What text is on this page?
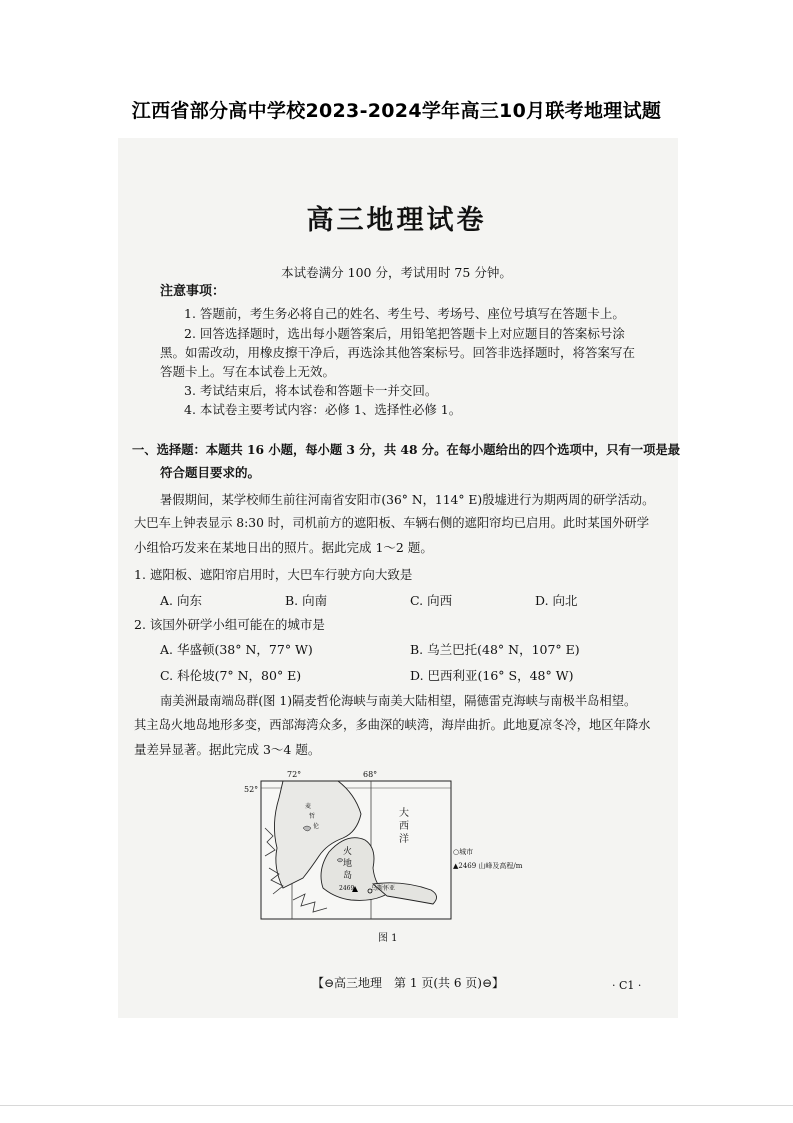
江西省部分高中学校2023-2024学年高三10月联考地理试题
高三地理试卷
本试卷满分 100 分，考试用时 75 分钟。
注意事项：
1. 答题前，考生务必将自己的姓名、考生号、考场号、座位号填写在答题卡上。
2. 回答选择题时，选出每小题答案后，用铅笔把答题卡上对应题目的答案标号涂
黑。如需改动，用橡皮擦干净后，再选涂其他答案标号。回答非选择题时，将答案写在
答题卡上。写在本试卷上无效。
3. 考试结束后，将本试卷和答题卡一并交回。
4. 本试卷主要考试内容：必修 1、选择性必修 1。
一、选择题：本题共 16 小题，每小题 3 分，共 48 分。在每小题给出的四个选项中，只有一项是最
符合题目要求的。
暑假期间，某学校师生前往河南省安阳市(36° N，114° E)殷墟进行为期两周的研学活动。
大巴车上钟表显示 8:30 时，司机前方的遮阳板、车辆右侧的遮阳帘均已启用。此时某国外研学
小组恰巧发来在某地日出的照片。据此完成 1～2 题。
1. 遮阳板、遮阳帘启用时，大巴车行驶方向大致是
A. 向东	B. 向南	C. 向西	D. 向北
2. 该国外研学小组可能在的城市是
A. 华盛顿(38° N，77° W)	B. 乌兰巴托(48° N，107° E)
C. 科伦坡(7° N，80° E)	D. 巴西利亚(16° S，48° W)
南美洲最南端岛群(图 1)隔麦哲伦海峡与南美大陆相望，隔德雷克海峡与南极半岛相望。
其主岛火地岛地形多变，西部海湾众多，多曲深的峡湾，海岸曲折。此地夏凉冬冷，地区年降水
量差异显著。据此完成 3～4 题。
72°	68°
52°
大
西
洋
火
地
岛
麦
哲
伦
2469	乌斯怀亚
○城市
▲2469 山峰及高程/m
图 1
【⊖高三地理　第 1 页(共 6 页)⊖】	· C1 ·
